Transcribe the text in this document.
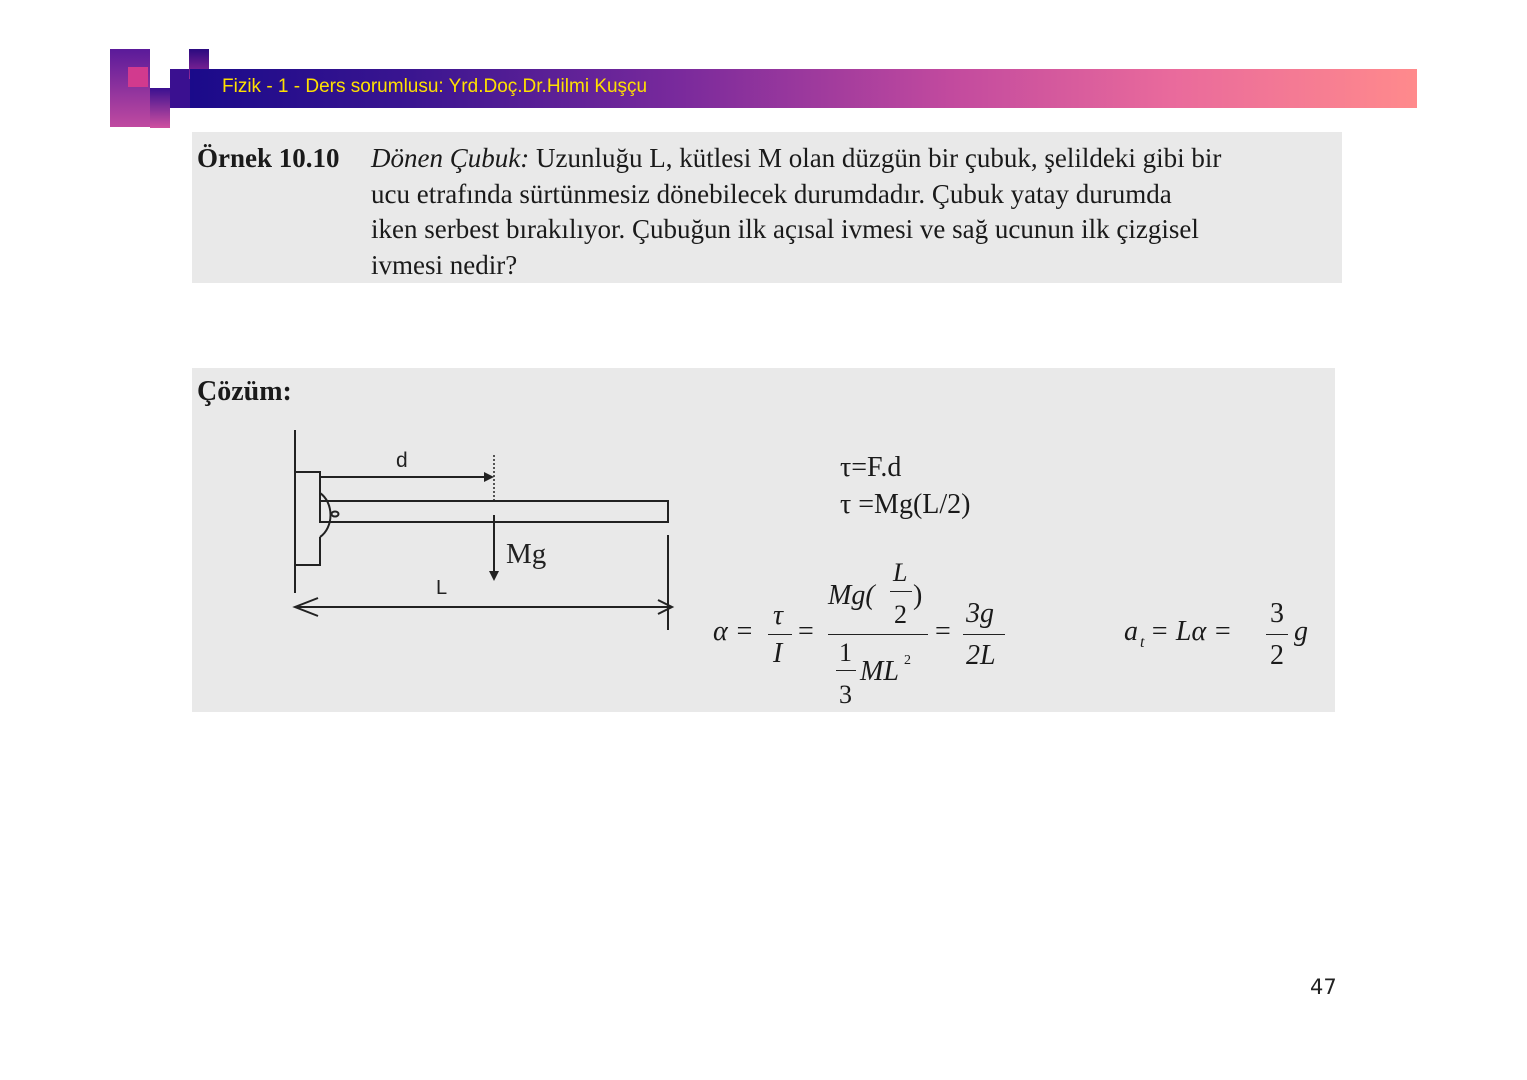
Fizik - 1 - Ders sorumlusu: Yrd.Doç.Dr.Hilmi Kuşçu
Örnek 10.10 Dönen Çubuk: Uzunluğu L, kütlesi M olan düzgün bir çubuk, şelildeki gibi bir
ucu etrafında sürtünmesiz dönebilecek durumdadır. Çubuk yatay durumda
iken serbest bırakılıyor. Çubuğun ilk açısal ivmesi ve sağ ucunun ilk çizgisel
ivmesi nedir?
Çözüm:
d
Mg
L
τ=F.d
τ =Mg(L/2)
α =
τ
I
=
Mg(
L
2
)
1
3
ML 2
=
3g
2L
a t = Lα =
3
2
g
47
